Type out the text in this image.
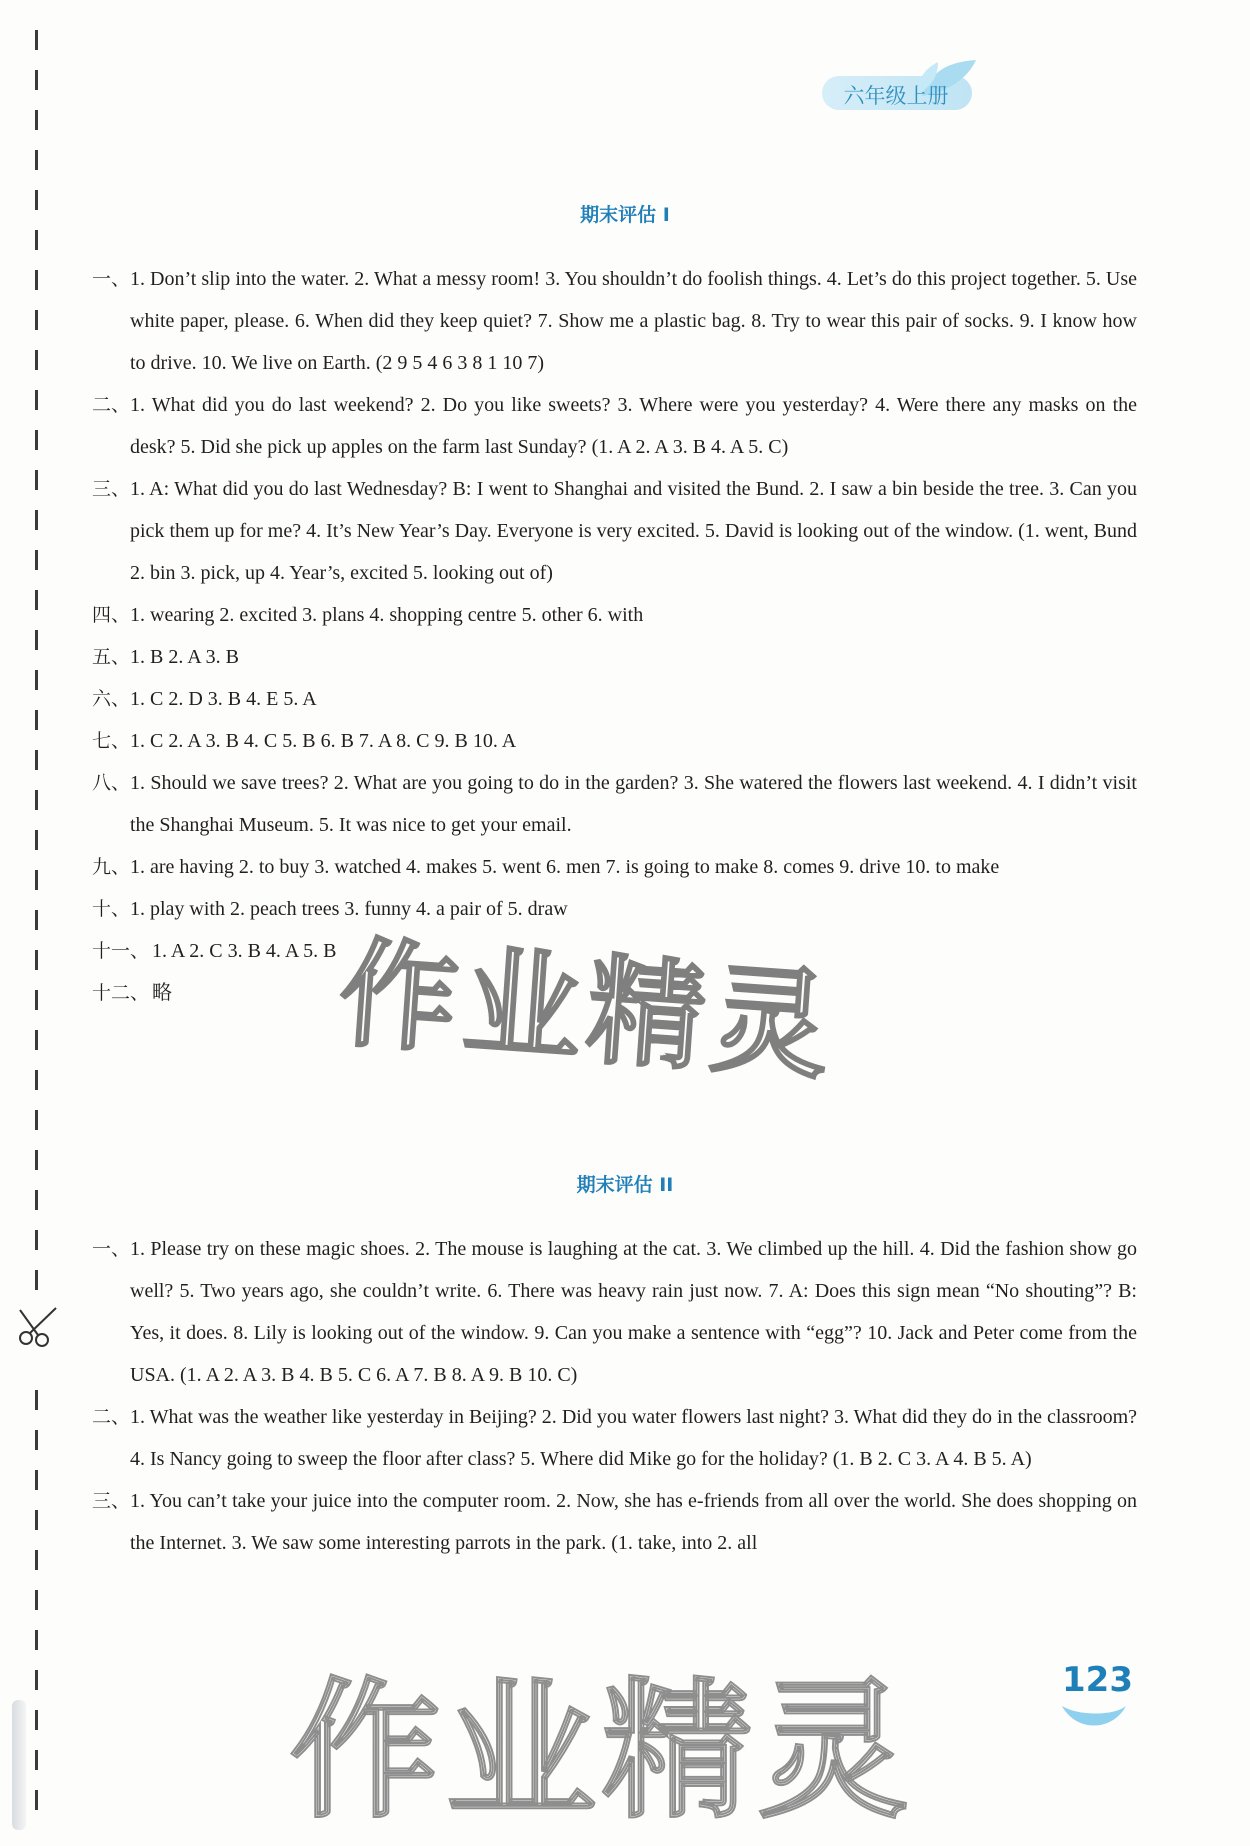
六年级上册
期末评估 I
一、 1. Don’t slip into the water. 2. What a messy room! 3. You shouldn’t do foolish things. 4. Let’s do this project together. 5. Use white paper, please. 6. When did they keep quiet? 7. Show me a plastic bag. 8. Try to wear this pair of socks. 9. I know how to drive. 10. We live on Earth. (2 9 5 4 6 3 8 1 10 7)
二、 1. What did you do last weekend? 2. Do you like sweets? 3. Where were you yesterday? 4. Were there any masks on the desk? 5. Did she pick up apples on the farm last Sunday? (1. A 2. A 3. B 4. A 5. C)
三、 1. A: What did you do last Wednesday? B: I went to Shanghai and visited the Bund. 2. I saw a bin beside the tree. 3. Can you pick them up for me? 4. It’s New Year’s Day. Everyone is very excited. 5. David is looking out of the window. (1. went, Bund 2. bin 3. pick, up 4. Year’s, excited 5. looking out of)
四、 1. wearing 2. excited 3. plans 4. shopping centre 5. other 6. with
五、 1. B 2. A 3. B
六、 1. C 2. D 3. B 4. E 5. A
七、 1. C 2. A 3. B 4. C 5. B 6. B 7. A 8. C 9. B 10. A
八、 1. Should we save trees? 2. What are you going to do in the garden? 3. She watered the flowers last weekend. 4. I didn’t visit the Shanghai Museum. 5. It was nice to get your email.
九、 1. are having 2. to buy 3. watched 4. makes 5. went 6. men 7. is going to make 8. comes 9. drive 10. to make
十、 1. play with 2. peach trees 3. funny 4. a pair of 5. draw
十一、 1. A 2. C 3. B 4. A 5. B
十二、 略
期末评估 II
一、 1. Please try on these magic shoes. 2. The mouse is laughing at the cat. 3. We climbed up the hill. 4. Did the fashion show go well? 5. Two years ago, she couldn’t write. 6. There was heavy rain just now. 7. A: Does this sign mean “No shouting”? B: Yes, it does. 8. Lily is looking out of the window. 9. Can you make a sentence with “egg”? 10. Jack and Peter come from the USA. (1. A 2. A 3. B 4. B 5. C 6. A 7. B 8. A 9. B 10. C)
二、 1. What was the weather like yesterday in Beijing? 2. Did you water flowers last night? 3. What did they do in the classroom? 4. Is Nancy going to sweep the floor after class? 5. Where did Mike go for the holiday? (1. B 2. C 3. A 4. B 5. A)
三、 1. You can’t take your juice into the computer room. 2. Now, she has e-friends from all over the world. She does shopping on the Internet. 3. We saw some interesting parrots in the park. (1. take, into 2. all
作业精灵
作业精灵	123
